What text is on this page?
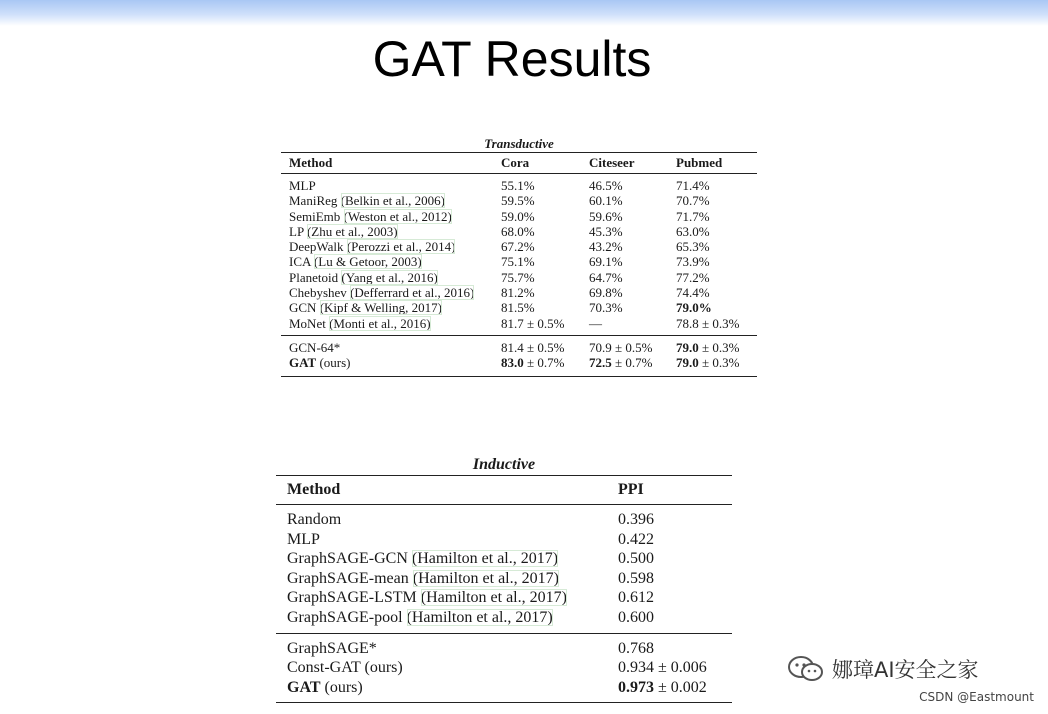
GAT Results
Transductive
Method	Cora	Citeseer	Pubmed
MLP	55.1%	46.5%	71.4%
ManiReg (Belkin et al., 2006)	59.5%	60.1%	70.7%
SemiEmb (Weston et al., 2012)	59.0%	59.6%	71.7%
LP (Zhu et al., 2003)	68.0%	45.3%	63.0%
DeepWalk (Perozzi et al., 2014)	67.2%	43.2%	65.3%
ICA (Lu & Getoor, 2003)	75.1%	69.1%	73.9%
Planetoid (Yang et al., 2016)	75.7%	64.7%	77.2%
Chebyshev (Defferrard et al., 2016)	81.2%	69.8%	74.4%
GCN (Kipf & Welling, 2017)	81.5%	70.3%	79.0%
MoNet (Monti et al., 2016)	81.7 ± 0.5%	—	78.8 ± 0.3%
GCN-64*	81.4 ± 0.5%	70.9 ± 0.5%	79.0 ± 0.3%
GAT (ours)	83.0 ± 0.7%	72.5 ± 0.7%	79.0 ± 0.3%
Inductive
Method	PPI
Random	0.396
MLP	0.422
GraphSAGE-GCN (Hamilton et al., 2017)	0.500
GraphSAGE-mean (Hamilton et al., 2017)	0.598
GraphSAGE-LSTM (Hamilton et al., 2017)	0.612
GraphSAGE-pool (Hamilton et al., 2017)	0.600
GraphSAGE*	0.768
Const-GAT (ours)	0.934 ± 0.006
GAT (ours)	0.973 ± 0.002
娜璋AI安全之家
CSDN @Eastmount
